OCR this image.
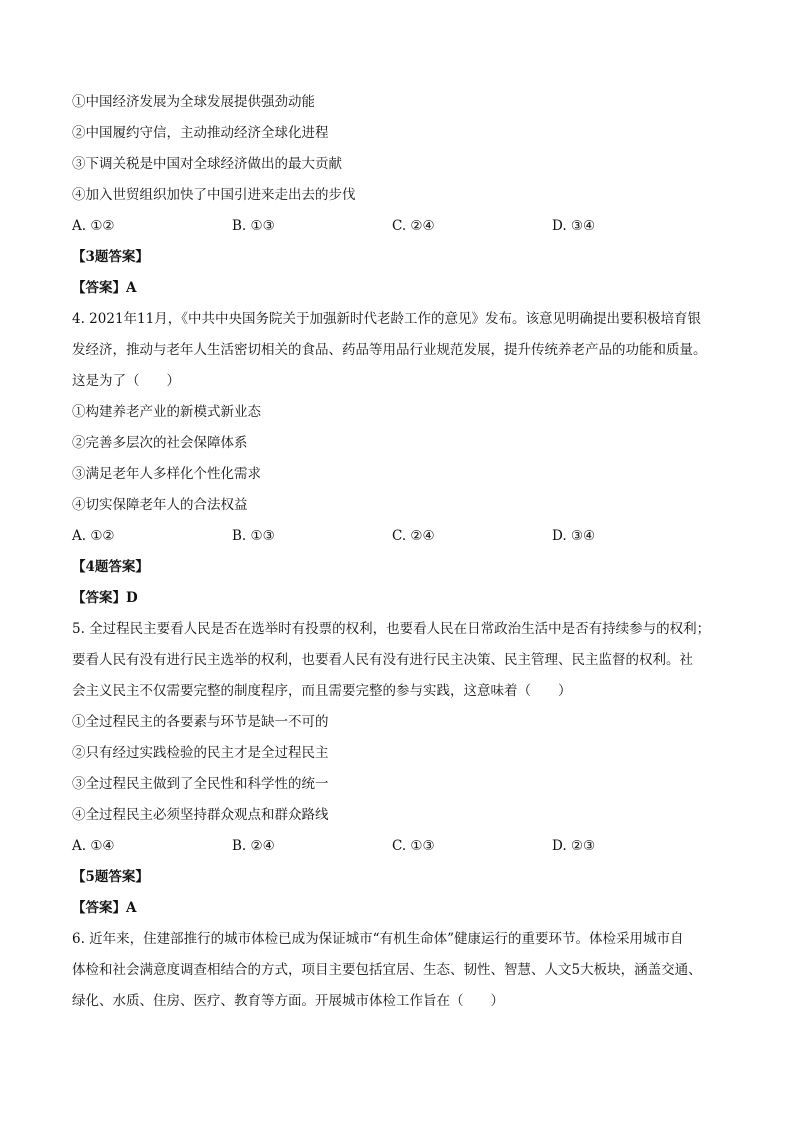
①中国经济发展为全球发展提供强劲动能
②中国履约守信，主动推动经济全球化进程
③下调关税是中国对全球经济做出的最大贡献
④加入世贸组织加快了中国引进来走出去的步伐
A. ①②	B. ①③	C. ②④	D. ③④
【3题答案】
【答案】A
4. 2021年11月，《中共中央国务院关于加强新时代老龄工作的意见》发布。该意见明确提出要积极培育银
发经济，推动与老年人生活密切相关的食品、药品等用品行业规范发展，提升传统养老产品的功能和质量。
这是为了（　　）
①构建养老产业的新模式新业态
②完善多层次的社会保障体系
③满足老年人多样化个性化需求
④切实保障老年人的合法权益
A. ①②	B. ①③	C. ②④	D. ③④
【4题答案】
【答案】D
5. 全过程民主要看人民是否在选举时有投票的权利，也要看人民在日常政治生活中是否有持续参与的权利；
要看人民有没有进行民主选举的权利，也要看人民有没有进行民主决策、民主管理、民主监督的权利。社
会主义民主不仅需要完整的制度程序，而且需要完整的参与实践，这意味着（　　）
①全过程民主的各要素与环节是缺一不可的
②只有经过实践检验的民主才是全过程民主
③全过程民主做到了全民性和科学性的统一
④全过程民主必须坚持群众观点和群众路线
A. ①④	B. ②④	C. ①③	D. ②③
【5题答案】
【答案】A
6. 近年来，住建部推行的城市体检已成为保证城市“有机生命体”健康运行的重要环节。体检采用城市自
体检和社会满意度调查相结合的方式，项目主要包括宜居、生态、韧性、智慧、人文5大板块，涵盖交通、
绿化、水质、住房、医疗、教育等方面。开展城市体检工作旨在（　　）
